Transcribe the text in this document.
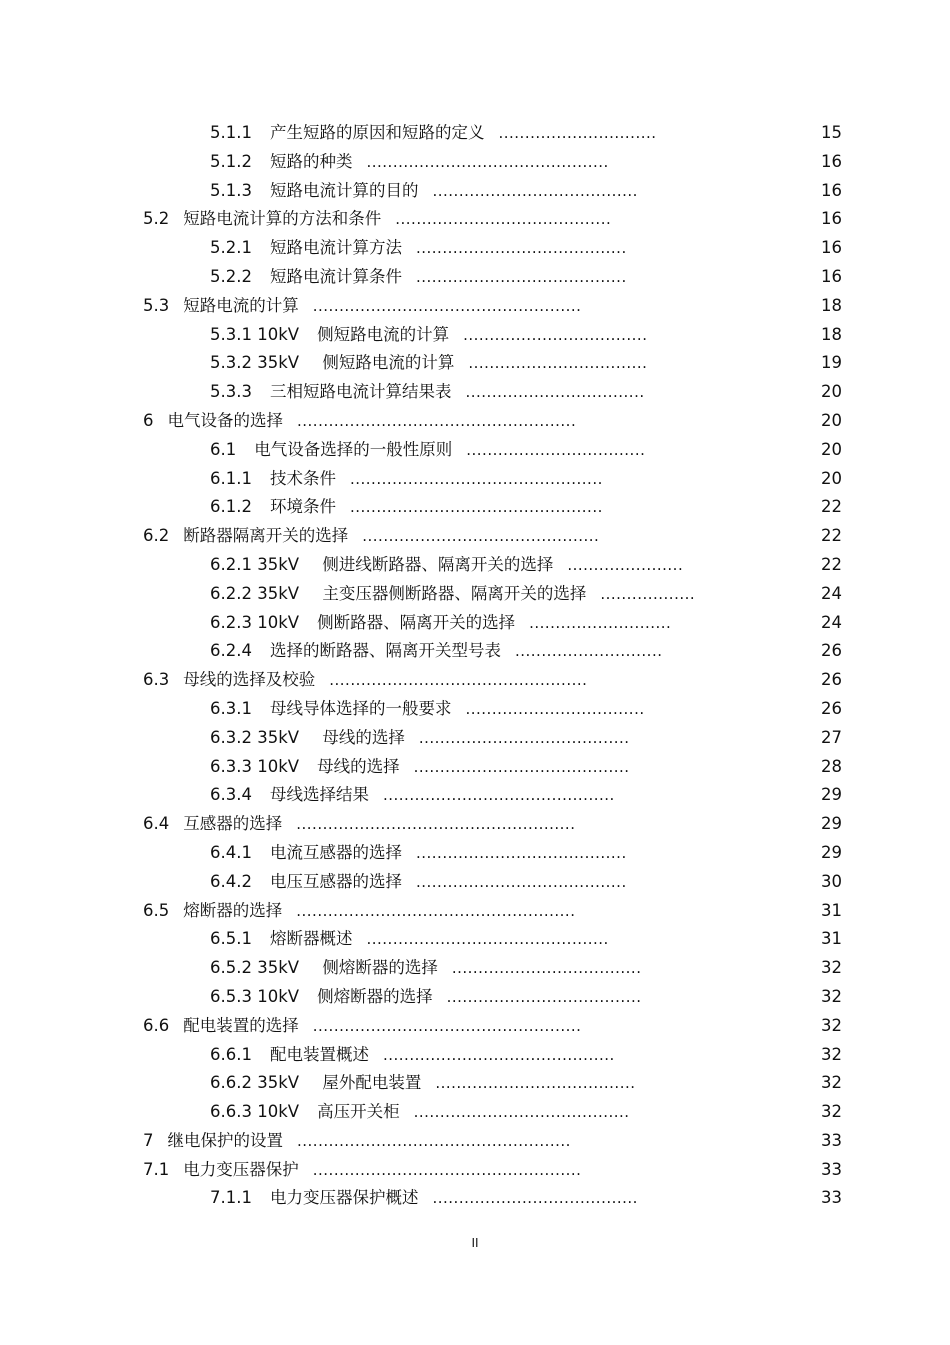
5.1.1 产生短路的原因和短路的定义 ..............................	15
5.1.2 短路的种类 ..............................................	16
5.1.3 短路电流计算的目的 .......................................	16
5.2 短路电流计算的方法和条件 .........................................	16
5.2.1 短路电流计算方法 ........................................	16
5.2.2 短路电流计算条件 ........................................	16
5.3 短路电流的计算 ...................................................	18
5.3.1 10kV 侧短路电流的计算 ...................................	18
5.3.2 35kV 侧短路电流的计算 ..................................	19
5.3.3 三相短路电流计算结果表 ..................................	20
6 电气设备的选择 .....................................................	20
6.1 电气设备选择的一般性原则 ..................................	20
6.1.1 技术条件 ................................................	20
6.1.2 环境条件 ................................................	22
6.2 断路器隔离开关的选择 .............................................	22
6.2.1 35kV 侧进线断路器、隔离开关的选择 ......................	22
6.2.2 35kV 主变压器侧断路器、隔离开关的选择 ..................	24
6.2.3 10kV 侧断路器、隔离开关的选择 ...........................	24
6.2.4 选择的断路器、隔离开关型号表 ............................	26
6.3 母线的选择及校验 .................................................	26
6.3.1 母线导体选择的一般要求 ..................................	26
6.3.2 35kV 母线的选择 ........................................	27
6.3.3 10kV 母线的选择 .........................................	28
6.3.4 母线选择结果 ............................................	29
6.4 互感器的选择 .....................................................	29
6.4.1 电流互感器的选择 ........................................	29
6.4.2 电压互感器的选择 ........................................	30
6.5 熔断器的选择 .....................................................	31
6.5.1 熔断器概述 ..............................................	31
6.5.2 35kV 侧熔断器的选择 ....................................	32
6.5.3 10kV 侧熔断器的选择 .....................................	32
6.6 配电装置的选择 ...................................................	32
6.6.1 配电装置概述 ............................................	32
6.6.2 35kV 屋外配电装置 ......................................	32
6.6.3 10kV 高压开关柜 .........................................	32
7 继电保护的设置 ....................................................	33
7.1 电力变压器保护 ...................................................	33
7.1.1 电力变压器保护概述 .......................................	33
II
